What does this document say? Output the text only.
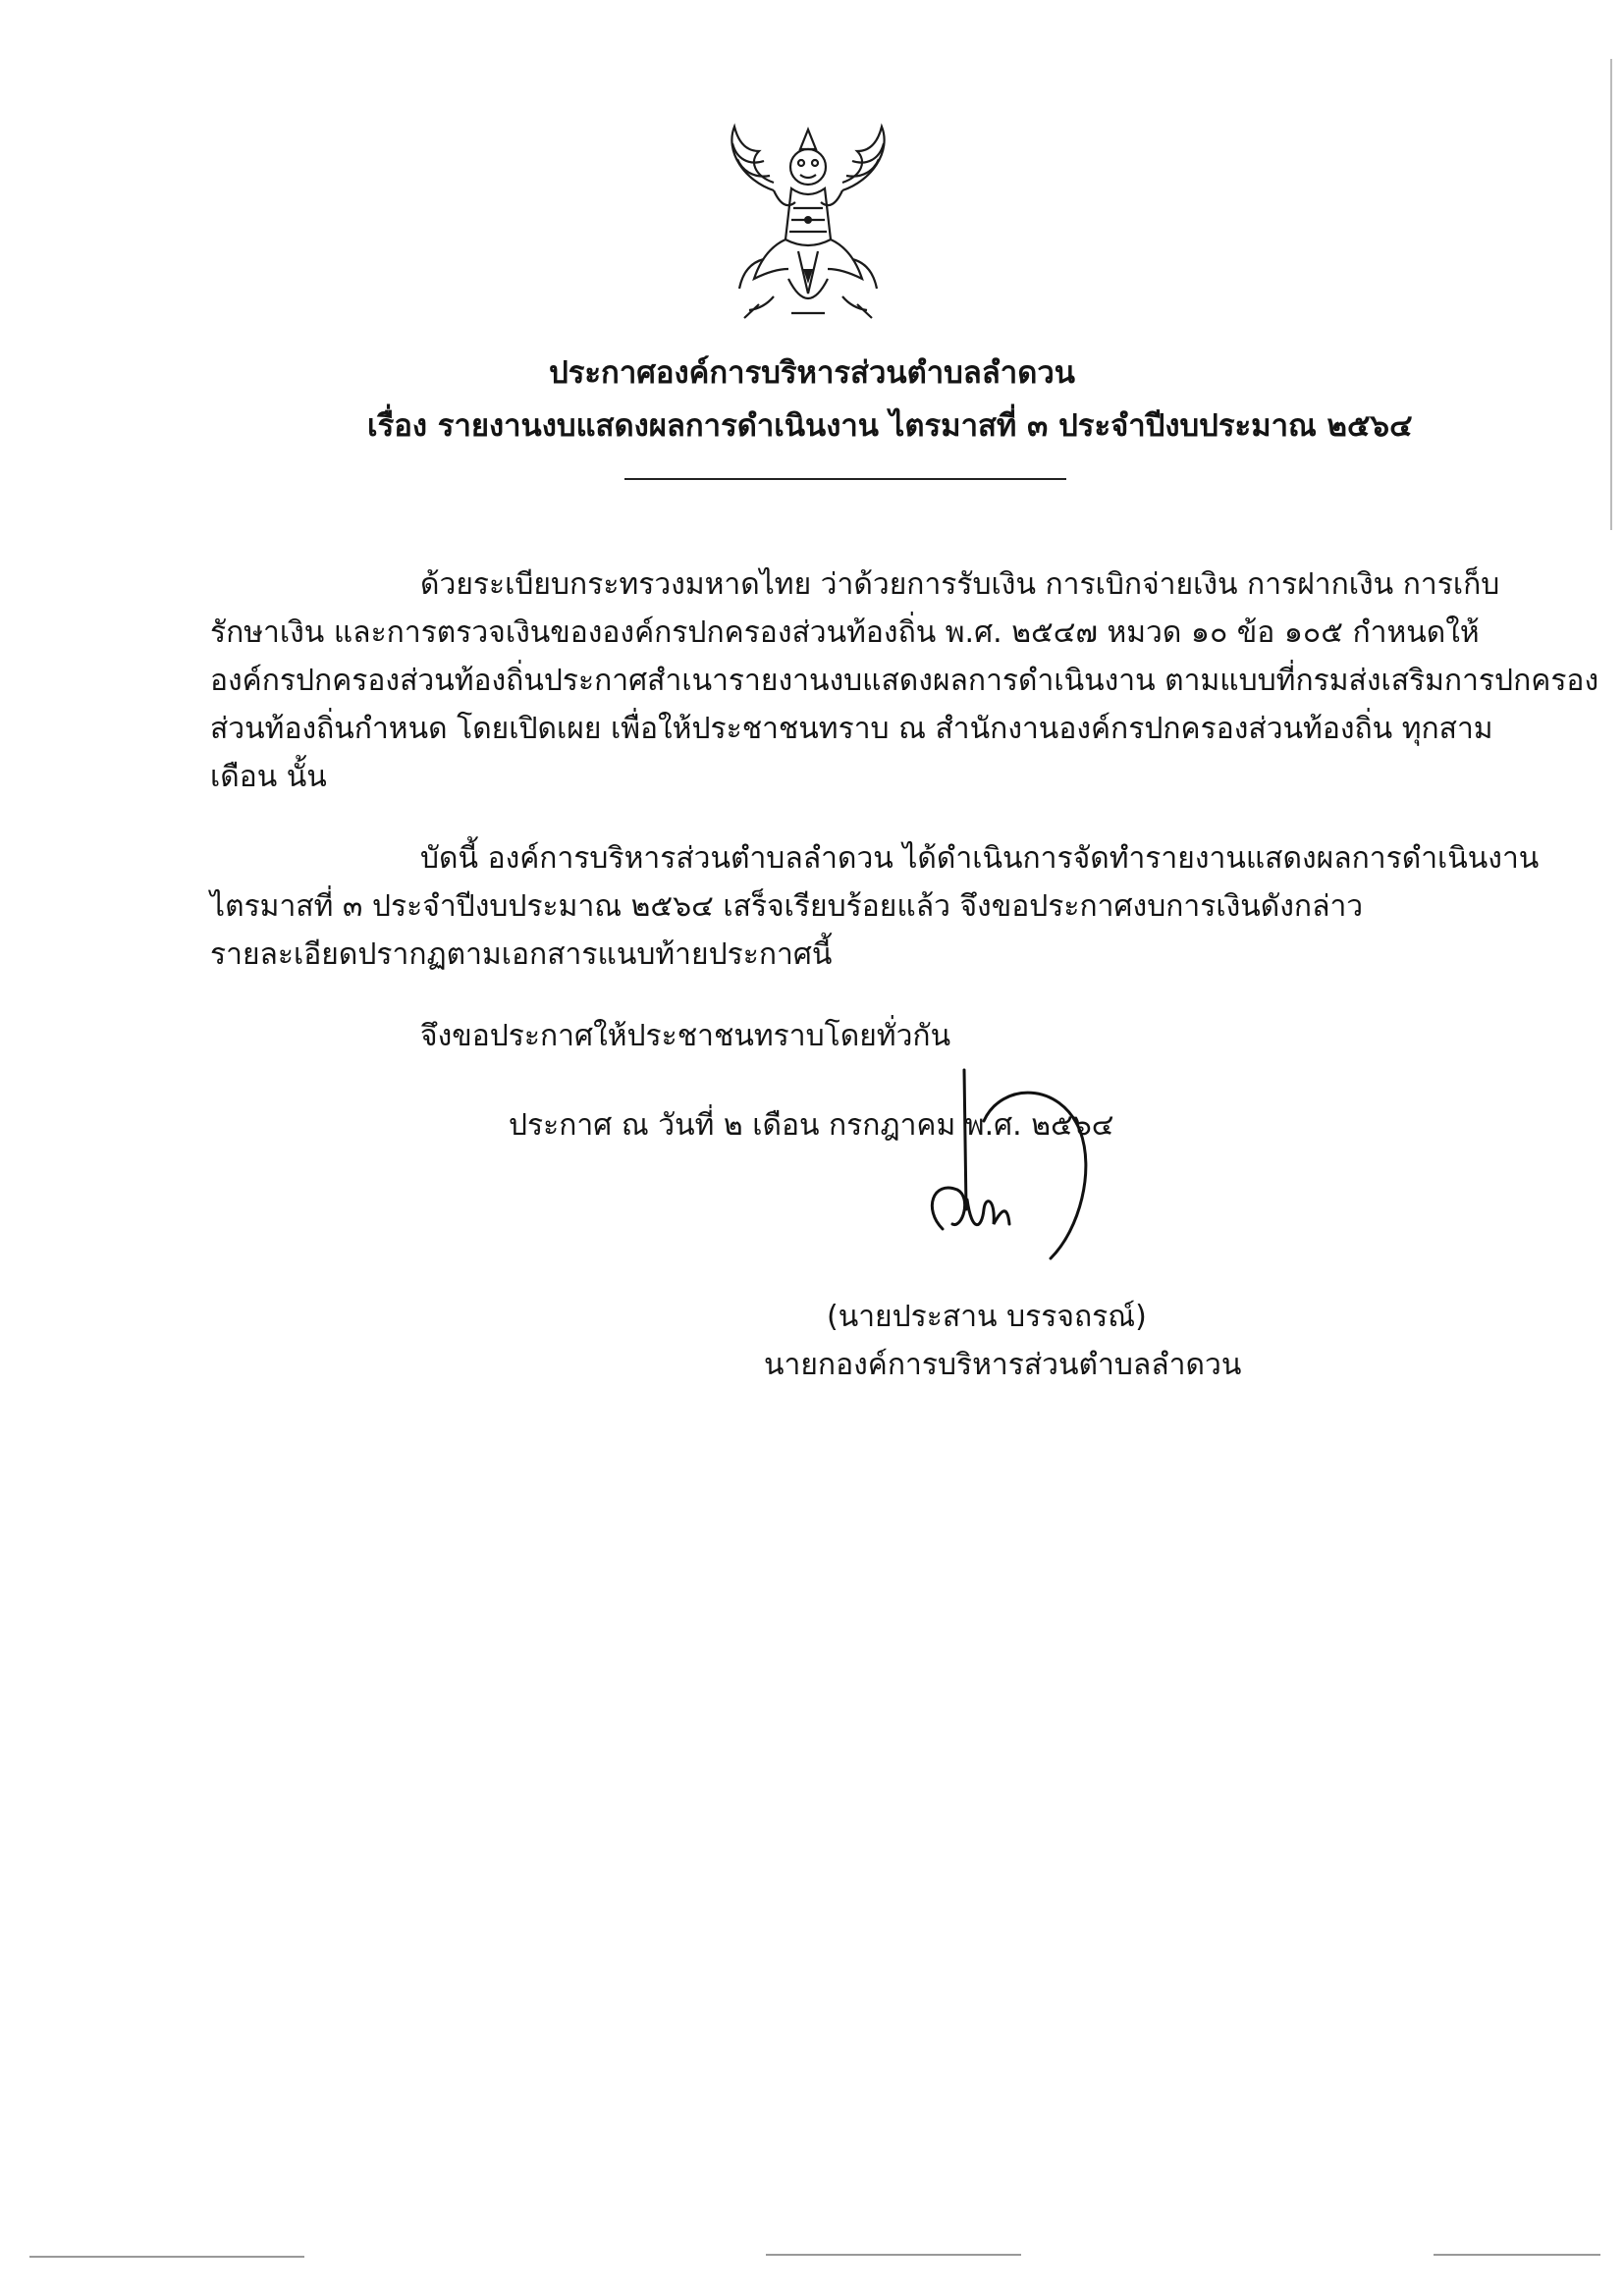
ประกาศองค์การบริหารส่วนตำบลลำดวน
เรื่อง รายงานงบแสดงผลการดำเนินงาน ไตรมาสที่ ๓ ประจำปีงบประมาณ ๒๕๖๔
ด้วยระเบียบกระทรวงมหาดไทย ว่าด้วยการรับเงิน การเบิกจ่ายเงิน การฝากเงิน การเก็บ
รักษาเงิน และการตรวจเงินขององค์กรปกครองส่วนท้องถิ่น พ.ศ. ๒๕๔๗ หมวด ๑๐ ข้อ ๑๐๕ กำหนดให้
องค์กรปกครองส่วนท้องถิ่นประกาศสำเนารายงานงบแสดงผลการดำเนินงาน ตามแบบที่กรมส่งเสริมการปกครอง
ส่วนท้องถิ่นกำหนด โดยเปิดเผย เพื่อให้ประชาชนทราบ ณ สำนักงานองค์กรปกครองส่วนท้องถิ่น ทุกสาม
เดือน นั้น
บัดนี้ องค์การบริหารส่วนตำบลลำดวน ได้ดำเนินการจัดทำรายงานแสดงผลการดำเนินงาน
ไตรมาสที่ ๓ ประจำปีงบประมาณ ๒๕๖๔ เสร็จเรียบร้อยแล้ว จึงขอประกาศงบการเงินดังกล่าว
รายละเอียดปรากฏตามเอกสารแนบท้ายประกาศนี้
จึงขอประกาศให้ประชาชนทราบโดยทั่วกัน
ประกาศ ณ วันที่ ๒ เดือน กรกฎาคม พ.ศ. ๒๕๖๔
(นายประสาน บรรจถรณ์)
นายกองค์การบริหารส่วนตำบลลำดวน
